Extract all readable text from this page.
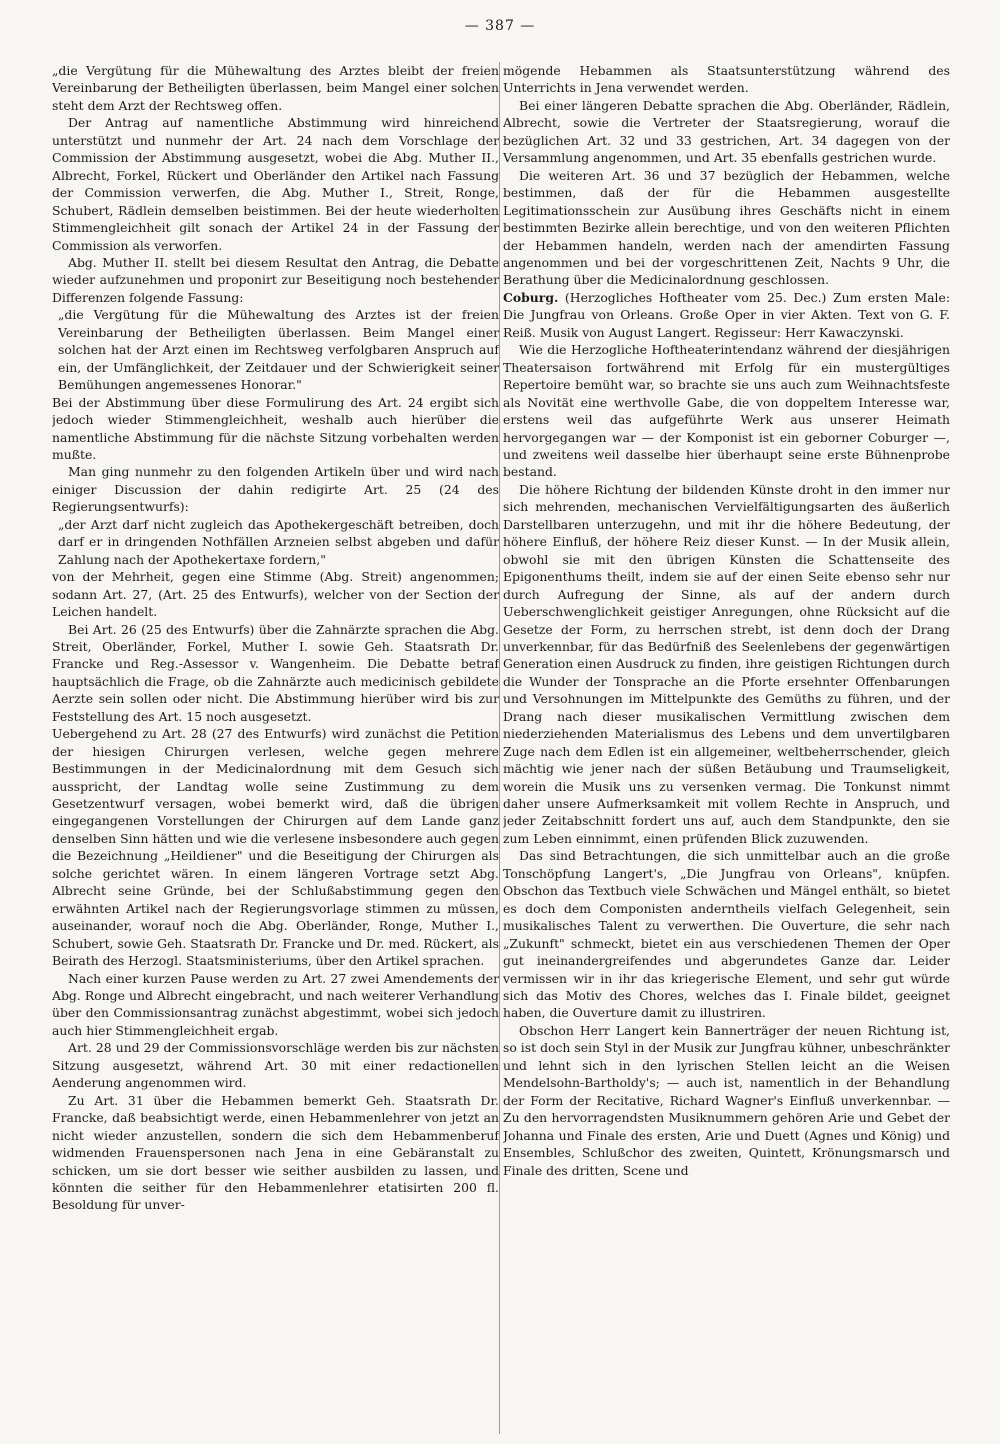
— 387 —

„die Vergütung für die Mühewaltung des Arztes bleibt der freien Vereinbarung der Betheiligten überlassen, beim Mangel einer solchen steht dem Arzt der Rechtsweg offen.

Der Antrag auf namentliche Abstimmung wird hinreichend unterstützt und nunmehr der Art. 24 nach dem Vorschlage der Commission der Abstimmung ausgesetzt, wobei die Abg. Muther II., Albrecht, Forkel, Rückert und Oberländer den Artikel nach Fassung der Commission verwerfen, die Abg. Muther I., Streit, Ronge, Schubert, Rädlein demselben beistimmen. Bei der heute wiederholten Stimmengleichheit gilt sonach der Artikel 24 in der Fassung der Commission als verworfen.

Abg. Muther II. stellt bei diesem Resultat den Antrag, die Debatte wieder aufzunehmen und proponirt zur Beseitigung noch bestehender Differenzen folgende Fassung:

„die Vergütung für die Mühewaltung des Arztes ist der freien Vereinbarung der Betheiligten überlassen. Beim Mangel einer solchen hat der Arzt einen im Rechtsweg verfolgbaren Anspruch auf ein, der Umfänglichkeit, der Zeitdauer und der Schwierigkeit seiner Bemühungen angemessenes Honorar."

Bei der Abstimmung über diese Formulirung des Art. 24 ergibt sich jedoch wieder Stimmengleichheit, weshalb auch hierüber die namentliche Abstimmung für die nächste Sitzung vorbehalten werden mußte.

Man ging nunmehr zu den folgenden Artikeln über und wird nach einiger Discussion der dahin redigirte Art. 25 (24 des Regierungsentwurfs):

„der Arzt darf nicht zugleich das Apothekergeschäft betreiben, doch darf er in dringenden Nothfällen Arzneien selbst abgeben und dafür Zahlung nach der Apothekertaxe fordern,"

von der Mehrheit, gegen eine Stimme (Abg. Streit) angenommen; sodann Art. 27, (Art. 25 des Entwurfs), welcher von der Section der Leichen handelt.

Bei Art. 26 (25 des Entwurfs) über die Zahnärzte sprachen die Abg. Streit, Oberländer, Forkel, Muther I. sowie Geh. Staatsrath Dr. Francke und Reg.-Assessor v. Wangenheim. Die Debatte betraf hauptsächlich die Frage, ob die Zahnärzte auch medicinisch gebildete Aerzte sein sollen oder nicht. Die Abstimmung hierüber wird bis zur Feststellung des Art. 15 noch ausgesetzt.

Uebergehend zu Art. 28 (27 des Entwurfs) wird zunächst die Petition der hiesigen Chirurgen verlesen, welche gegen mehrere Bestimmungen in der Medicinalordnung mit dem Gesuch sich ausspricht, der Landtag wolle seine Zustimmung zu dem Gesetzentwurf versagen, wobei bemerkt wird, daß die übrigen eingegangenen Vorstellungen der Chirurgen auf dem Lande ganz denselben Sinn hätten und wie die verlesene insbesondere auch gegen die Bezeichnung „Heildiener" und die Beseitigung der Chirurgen als solche gerichtet wären. In einem längeren Vortrage setzt Abg. Albrecht seine Gründe, bei der Schlußabstimmung gegen den erwähnten Artikel nach der Regierungsvorlage stimmen zu müssen, auseinander, worauf noch die Abg. Oberländer, Ronge, Muther I., Schubert, sowie Geh. Staatsrath Dr. Francke und Dr. med. Rückert, als Beirath des Herzogl. Staatsministeriums, über den Artikel sprachen.

Nach einer kurzen Pause werden zu Art. 27 zwei Amendements der Abg. Ronge und Albrecht eingebracht, und nach weiterer Verhandlung über den Commissionsantrag zunächst abgestimmt, wobei sich jedoch auch hier Stimmengleichheit ergab.

Art. 28 und 29 der Commissionsvorschläge werden bis zur nächsten Sitzung ausgesetzt, während Art. 30 mit einer redactionellen Aenderung angenommen wird.

Zu Art. 31 über die Hebammen bemerkt Geh. Staatsrath Dr. Francke, daß beabsichtigt werde, einen Hebammenlehrer von jetzt an nicht wieder anzustellen, sondern die sich dem Hebammenberuf widmenden Frauenspersonen nach Jena in eine Gebäranstalt zu schicken, um sie dort besser wie seither ausbilden zu lassen, und könnten die seither für den Hebammenlehrer etatisirten 200 fl. Besoldung für unver-

mögende Hebammen als Staatsunterstützung während des Unterrichts in Jena verwendet werden.

Bei einer längeren Debatte sprachen die Abg. Oberländer, Rädlein, Albrecht, sowie die Vertreter der Staatsregierung, worauf die bezüglichen Art. 32 und 33 gestrichen, Art. 34 dagegen von der Versammlung angenommen, und Art. 35 ebenfalls gestrichen wurde.

Die weiteren Art. 36 und 37 bezüglich der Hebammen, welche bestimmen, daß der für die Hebammen ausgestellte Legitimationsschein zur Ausübung ihres Geschäfts nicht in einem bestimmten Bezirke allein berechtige, und von den weiteren Pflichten der Hebammen handeln, werden nach der amendirten Fassung angenommen und bei der vorgeschrittenen Zeit, Nachts 9 Uhr, die Berathung über die Medicinalordnung geschlossen.

Coburg. (Herzogliches Hoftheater vom 25. Dec.) Zum ersten Male: Die Jungfrau von Orleans. Große Oper in vier Akten. Text von G. F. Reiß. Musik von August Langert. Regisseur: Herr Kawaczynski.

Wie die Herzogliche Hoftheaterintendanz während der diesjährigen Theatersaison fortwährend mit Erfolg für ein mustergültiges Repertoire bemüht war, so brachte sie uns auch zum Weihnachtsfeste als Novität eine werthvolle Gabe, die von doppeltem Interesse war, erstens weil das aufgeführte Werk aus unserer Heimath hervorgegangen war — der Komponist ist ein geborner Coburger —, und zweitens weil dasselbe hier überhaupt seine erste Bühnenprobe bestand.

Die höhere Richtung der bildenden Künste droht in den immer nur sich mehrenden, mechanischen Vervielfältigungsarten des äußerlich Darstellbaren unterzugehn, und mit ihr die höhere Bedeutung, der höhere Einfluß, der höhere Reiz dieser Kunst. — In der Musik allein, obwohl sie mit den übrigen Künsten die Schattenseite des Epigonenthums theilt, indem sie auf der einen Seite ebenso sehr nur durch Aufregung der Sinne, als auf der andern durch Ueberschwenglichkeit geistiger Anregungen, ohne Rücksicht auf die Gesetze der Form, zu herrschen strebt, ist denn doch der Drang unverkennbar, für das Bedürfniß des Seelenlebens der gegenwärtigen Generation einen Ausdruck zu finden, ihre geistigen Richtungen durch die Wunder der Tonsprache an die Pforte ersehnter Offenbarungen und Versohnungen im Mittelpunkte des Gemüths zu führen, und der Drang nach dieser musikalischen Vermittlung zwischen dem niederziehenden Materialismus des Lebens und dem unvertilgbaren Zuge nach dem Edlen ist ein allgemeiner, weltbeherrschender, gleich mächtig wie jener nach der süßen Betäubung und Traumseligkeit, worein die Musik uns zu versenken vermag. Die Tonkunst nimmt daher unsere Aufmerksamkeit mit vollem Rechte in Anspruch, und jeder Zeitabschnitt fordert uns auf, auch dem Standpunkte, den sie zum Leben einnimmt, einen prüfenden Blick zuzuwenden.

Das sind Betrachtungen, die sich unmittelbar auch an die große Tonschöpfung Langert's, „Die Jungfrau von Orleans", knüpfen. Obschon das Textbuch viele Schwächen und Mängel enthält, so bietet es doch dem Componisten anderntheils vielfach Gelegenheit, sein musikalisches Talent zu verwerthen. Die Ouverture, die sehr nach „Zukunft" schmeckt, bietet ein aus verschiedenen Themen der Oper gut ineinandergreifendes und abgerundetes Ganze dar. Leider vermissen wir in ihr das kriegerische Element, und sehr gut würde sich das Motiv des Chores, welches das I. Finale bildet, geeignet haben, die Ouverture damit zu illustriren.

Obschon Herr Langert kein Bannerträger der neuen Richtung ist, so ist doch sein Styl in der Musik zur Jungfrau kühner, unbeschränkter und lehnt sich in den lyrischen Stellen leicht an die Weisen Mendelsohn-Bartholdy's; — auch ist, namentlich in der Behandlung der Form der Recitative, Richard Wagner's Einfluß unverkennbar. — Zu den hervorragendsten Musiknummern gehören Arie und Gebet der Johanna und Finale des ersten, Arie und Duett (Agnes und König) und Ensembles, Schlußchor des zweiten, Quintett, Krönungsmarsch und Finale des dritten, Scene und
